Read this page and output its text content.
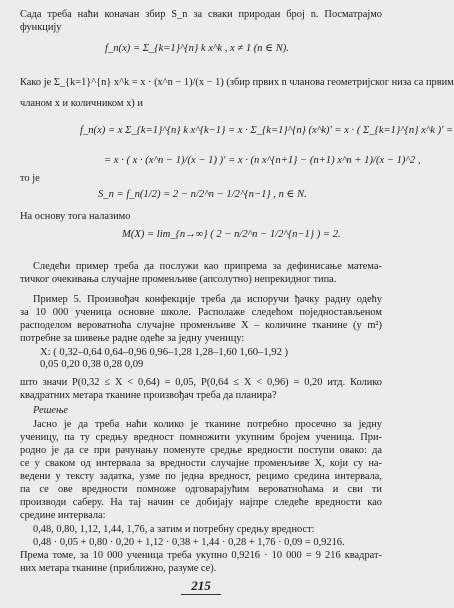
Сада треба наћи коначан збир S_n за сваки природан број n. Посматрајмо
функцију
f_n(x) = Σ_{k=1}^{n} k x^k , x ≠ 1 (n ∈ N).
Како је Σ_{k=1}^{n} x^k = x · (x^n − 1)/(x − 1) (збир првих n чланова геометријског низа са првим
чланом x и количником x) и
f_n(x) = x Σ_{k=1}^{n} k x^{k−1} = x · Σ_{k=1}^{n} (x^k)' = x · ( Σ_{k=1}^{n} x^k )' =
= x · ( x · (x^n − 1)/(x − 1) )' = x · (n x^{n+1} − (n+1) x^n + 1)/(x − 1)^2 ,
то је
S_n = f_n(1/2) = 2 − n/2^n − 1/2^{n−1} , n ∈ N.
На основу тога налазимо
M(X) = lim_{n→∞} ( 2 − n/2^n − 1/2^{n−1} ) = 2.
Следећи пример треба да послужи као припрема за дефинисање матема-
тичког очекивања случајне променљиве (апсолутно) непрекидног типа.
Пример 5. Произвођач конфекције треба да испоручи ђачку радну одећу
за 10 000 ученица основне школе. Располаже следећом поједностављеном
расподелом вероватноћа случајне променљиве X – количине тканине (у m²)
потребне за шивење радне одеће за једну ученицу:
X: ( 0,32–0,64 0,64–0,96 0,96–1,28 1,28–1,60 1,60–1,92 )
0,05 0,20 0,38 0,28 0,09
што значи P(0,32 ≤ X < 0,64) = 0,05, P(0,64 ≤ X < 0,96) = 0,20 итд. Колико
квадратних метара тканине произвођач треба да планира?
Решење
Јасно је да треба наћи колико је тканине потребно просечно за једну
ученицу, па ту средњу вредност помножити укупним бројем ученица. При-
родно је да се при рачунању поменуте средње вредности поступи овако: да
се у сваком од интервала за вредности случајне променљиве X, који су на-
ведени у тексту задатка, узме по једна вредност, рецимо средина интервала,
па се ове вредности помноже одговарајућим вероватноћама и сви ти
производи саберу. На тај начин се добијају најпре следеће вредности као
средине интервала:
0,48, 0,80, 1,12, 1,44, 1,76, а затим и потребну средњу вредност:
0,48 · 0,05 + 0,80 · 0,20 + 1,12 · 0,38 + 1,44 · 0,28 + 1,76 · 0,09 = 0,9216.
Према томе, за 10 000 ученица треба укупно 0,9216 · 10 000 = 9 216 квадрат-
них метара тканине (приближно, разуме се).
215
